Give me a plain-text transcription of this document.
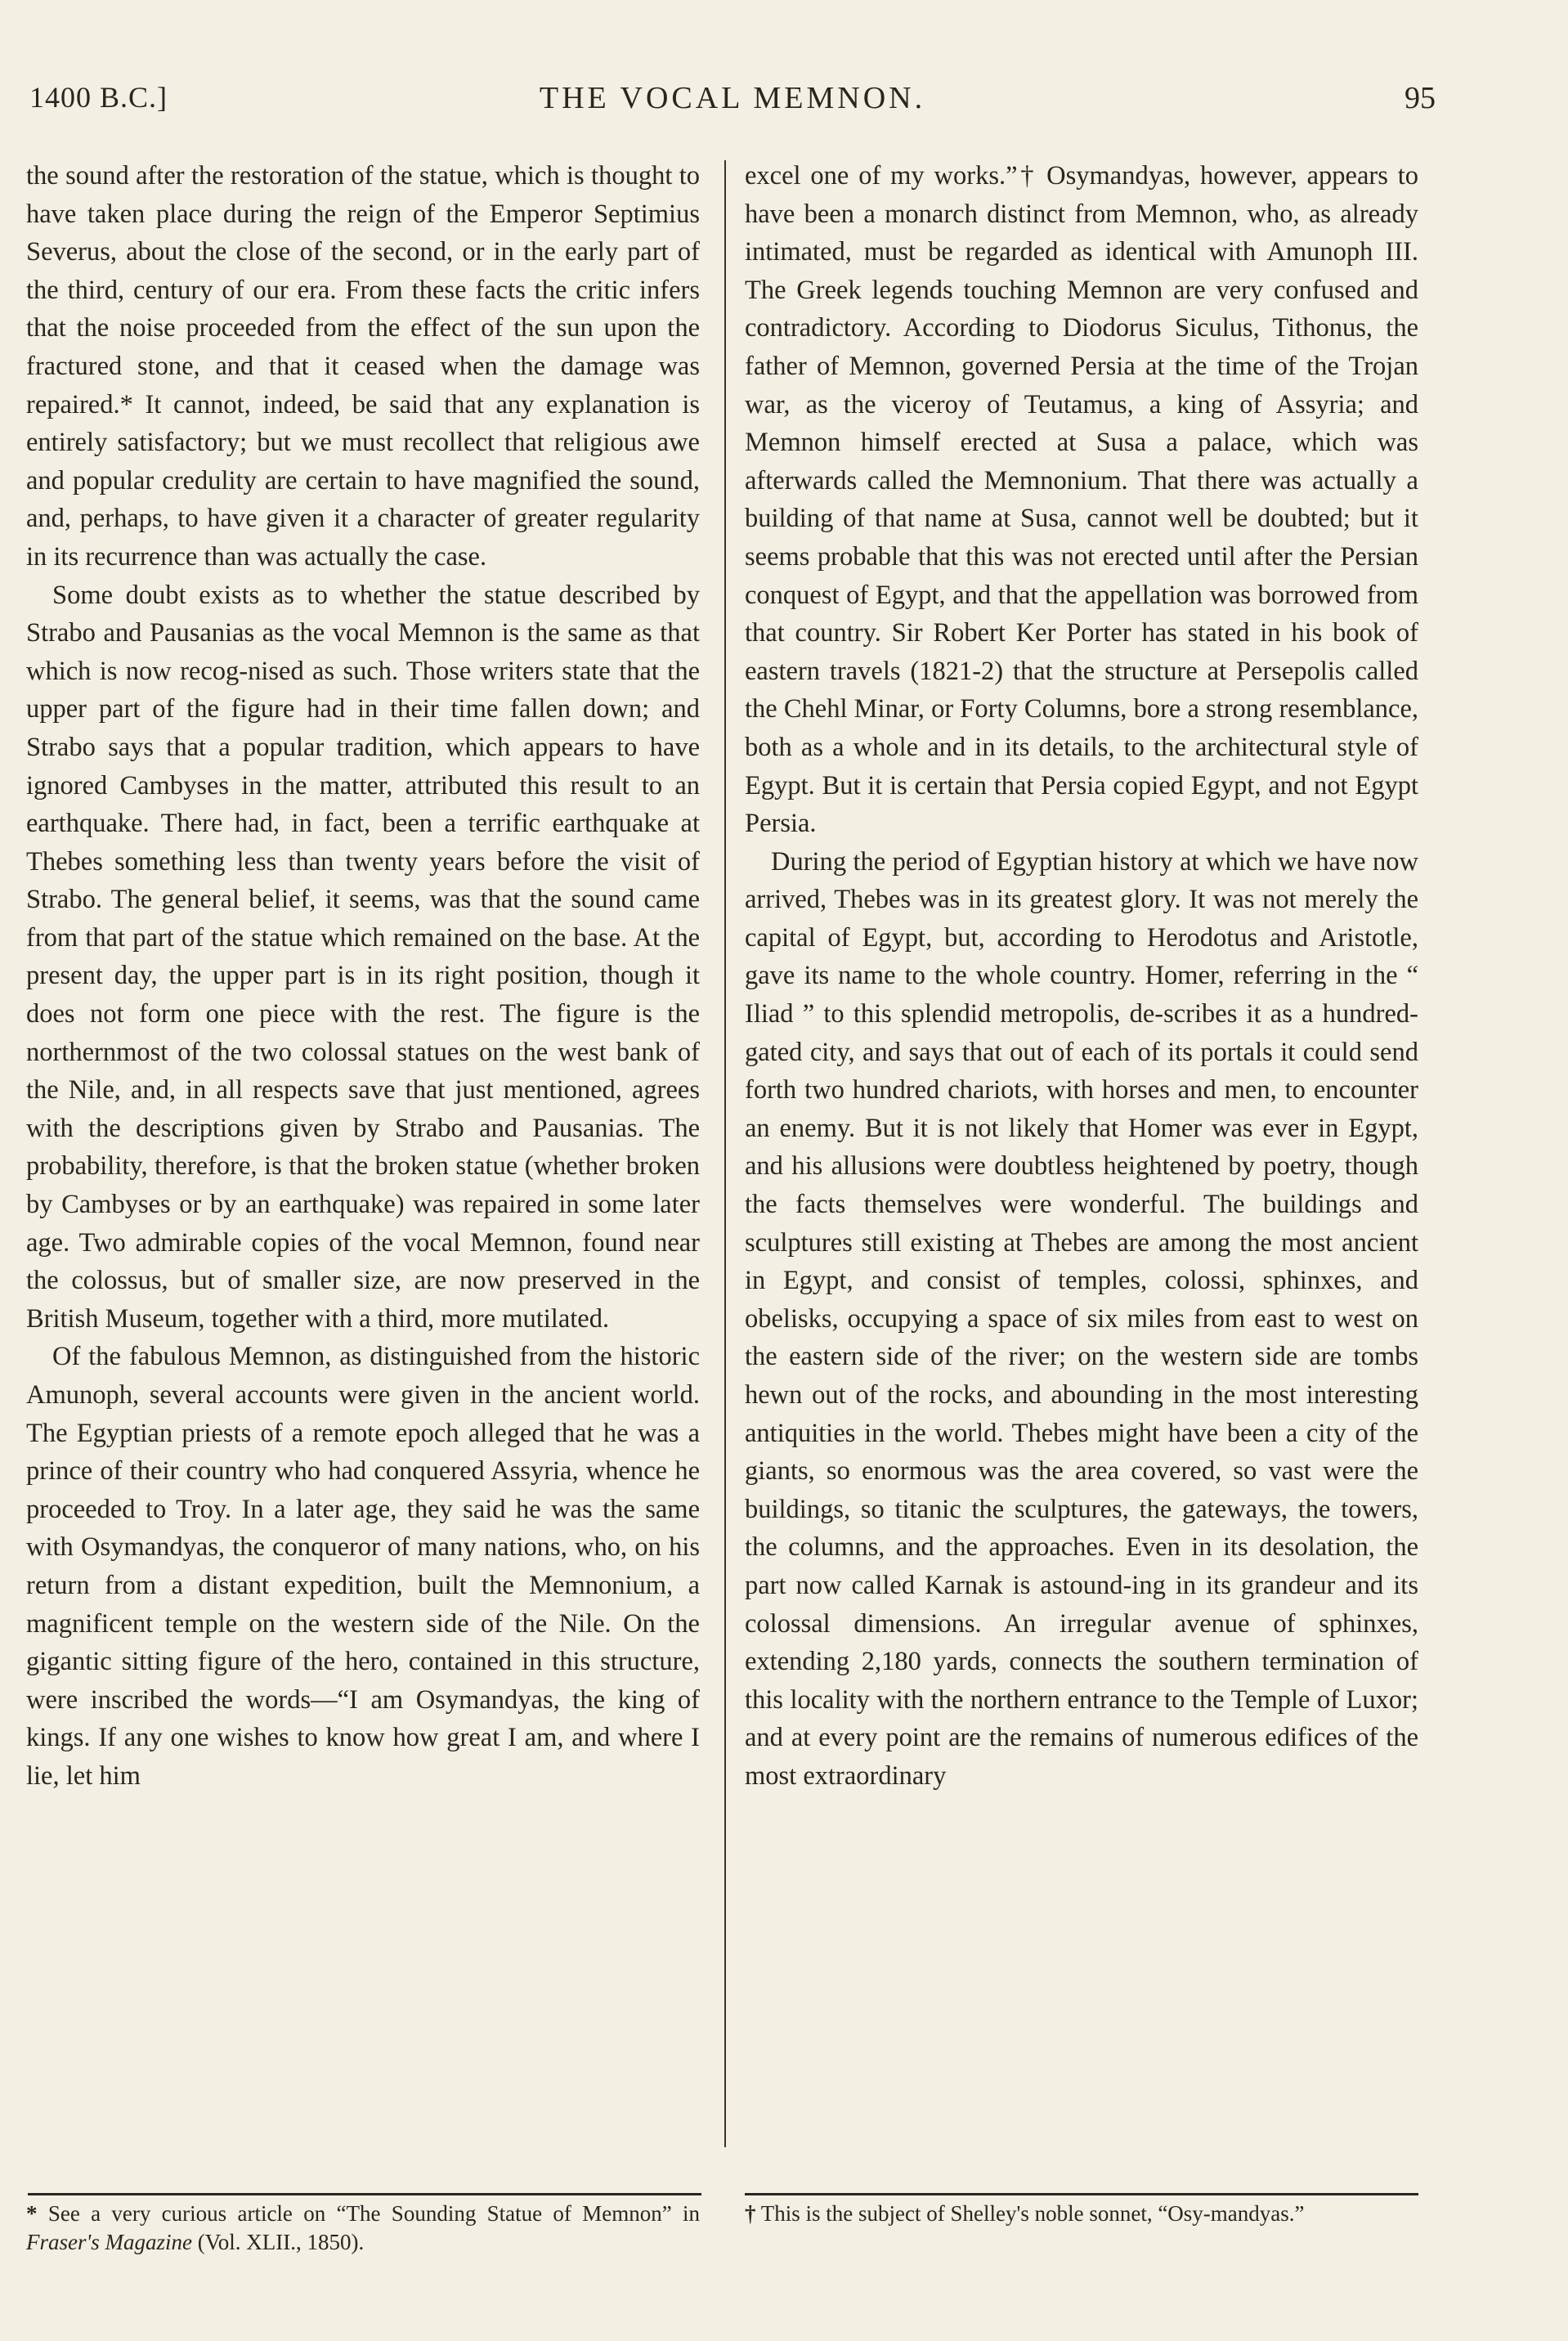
1400 B.C.]	THE VOCAL MEMNON.	95

the sound after the restoration of the statue, which is thought to have taken place during the reign of the Emperor Septimius Severus, about the close of the second, or in the early part of the third, century of our era. From these facts the critic infers that the noise proceeded from the effect of the sun upon the fractured stone, and that it ceased when the damage was repaired.* It cannot, indeed, be said that any explanation is entirely satisfactory; but we must recollect that religious awe and popular credulity are certain to have magnified the sound, and, perhaps, to have given it a character of greater regularity in its recurrence than was actually the case.

Some doubt exists as to whether the statue described by Strabo and Pausanias as the vocal Memnon is the same as that which is now recog-nised as such. Those writers state that the upper part of the figure had in their time fallen down; and Strabo says that a popular tradition, which appears to have ignored Cambyses in the matter, attributed this result to an earthquake. There had, in fact, been a terrific earthquake at Thebes something less than twenty years before the visit of Strabo. The general belief, it seems, was that the sound came from that part of the statue which remained on the base. At the present day, the upper part is in its right position, though it does not form one piece with the rest. The figure is the northernmost of the two colossal statues on the west bank of the Nile, and, in all respects save that just mentioned, agrees with the descriptions given by Strabo and Pausanias. The probability, therefore, is that the broken statue (whether broken by Cambyses or by an earthquake) was repaired in some later age. Two admirable copies of the vocal Memnon, found near the colossus, but of smaller size, are now preserved in the British Museum, together with a third, more mutilated.

Of the fabulous Memnon, as distinguished from the historic Amunoph, several accounts were given in the ancient world. The Egyptian priests of a remote epoch alleged that he was a prince of their country who had conquered Assyria, whence he proceeded to Troy. In a later age, they said he was the same with Osymandyas, the conqueror of many nations, who, on his return from a distant expedition, built the Memnonium, a magnificent temple on the western side of the Nile. On the gigantic sitting figure of the hero, contained in this structure, were inscribed the words—“I am Osymandyas, the king of kings. If any one wishes to know how great I am, and where I lie, let him

excel one of my works.”† Osymandyas, however, appears to have been a monarch distinct from Memnon, who, as already intimated, must be regarded as identical with Amunoph III. The Greek legends touching Memnon are very confused and contradictory. According to Diodorus Siculus, Tithonus, the father of Memnon, governed Persia at the time of the Trojan war, as the viceroy of Teutamus, a king of Assyria; and Memnon himself erected at Susa a palace, which was afterwards called the Memnonium. That there was actually a building of that name at Susa, cannot well be doubted; but it seems probable that this was not erected until after the Persian conquest of Egypt, and that the appellation was borrowed from that country. Sir Robert Ker Porter has stated in his book of eastern travels (1821-2) that the structure at Persepolis called the Chehl Minar, or Forty Columns, bore a strong resemblance, both as a whole and in its details, to the architectural style of Egypt. But it is certain that Persia copied Egypt, and not Egypt Persia.

During the period of Egyptian history at which we have now arrived, Thebes was in its greatest glory. It was not merely the capital of Egypt, but, according to Herodotus and Aristotle, gave its name to the whole country. Homer, referring in the “ Iliad ” to this splendid metropolis, de-scribes it as a hundred-gated city, and says that out of each of its portals it could send forth two hundred chariots, with horses and men, to encounter an enemy. But it is not likely that Homer was ever in Egypt, and his allusions were doubtless heightened by poetry, though the facts themselves were wonderful. The buildings and sculptures still existing at Thebes are among the most ancient in Egypt, and consist of temples, colossi, sphinxes, and obelisks, occupying a space of six miles from east to west on the eastern side of the river; on the western side are tombs hewn out of the rocks, and abounding in the most interesting antiquities in the world. Thebes might have been a city of the giants, so enormous was the area covered, so vast were the buildings, so titanic the sculptures, the gateways, the towers, the columns, and the approaches. Even in its desolation, the part now called Karnak is astound-ing in its grandeur and its colossal dimensions. An irregular avenue of sphinxes, extending 2,180 yards, connects the southern termination of this locality with the northern entrance to the Temple of Luxor; and at every point are the remains of numerous edifices of the most extraordinary

* See a very curious article on “The Sounding Statue of Memnon” in Fraser's Magazine (Vol. XLII., 1850).
† This is the subject of Shelley's noble sonnet, “Osy-mandyas.”
